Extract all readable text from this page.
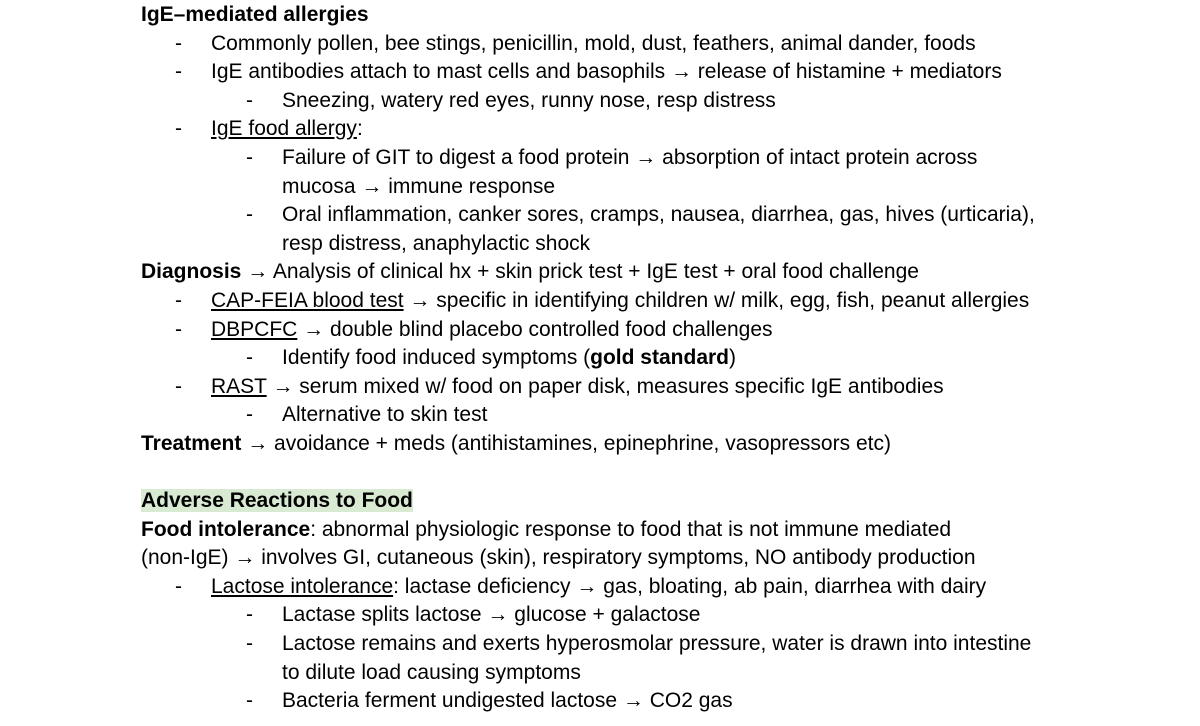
IgE–mediated allergies
- Commonly pollen, bee stings, penicillin, mold, dust, feathers, animal dander, foods
- IgE antibodies attach to mast cells and basophils → release of histamine + mediators
- Sneezing, watery red eyes, runny nose, resp distress
- IgE food allergy:
- Failure of GIT to digest a food protein → absorption of intact protein across
mucosa → immune response
- Oral inflammation, canker sores, cramps, nausea, diarrhea, gas, hives (urticaria),
resp distress, anaphylactic shock
Diagnosis → Analysis of clinical hx + skin prick test + IgE test + oral food challenge
- CAP-FEIA blood test → specific in identifying children w/ milk, egg, fish, peanut allergies
- DBPCFC → double blind placebo controlled food challenges
- Identify food induced symptoms (gold standard)
- RAST → serum mixed w/ food on paper disk, measures specific IgE antibodies
- Alternative to skin test
Treatment → avoidance + meds (antihistamines, epinephrine, vasopressors etc)
Adverse Reactions to Food
Food intolerance: abnormal physiologic response to food that is not immune mediated
(non-IgE) → involves GI, cutaneous (skin), respiratory symptoms, NO antibody production
- Lactose intolerance: lactase deficiency → gas, bloating, ab pain, diarrhea with dairy
- Lactase splits lactose → glucose + galactose
- Lactose remains and exerts hyperosmolar pressure, water is drawn into intestine
to dilute load causing symptoms
- Bacteria ferment undigested lactose → CO2 gas
